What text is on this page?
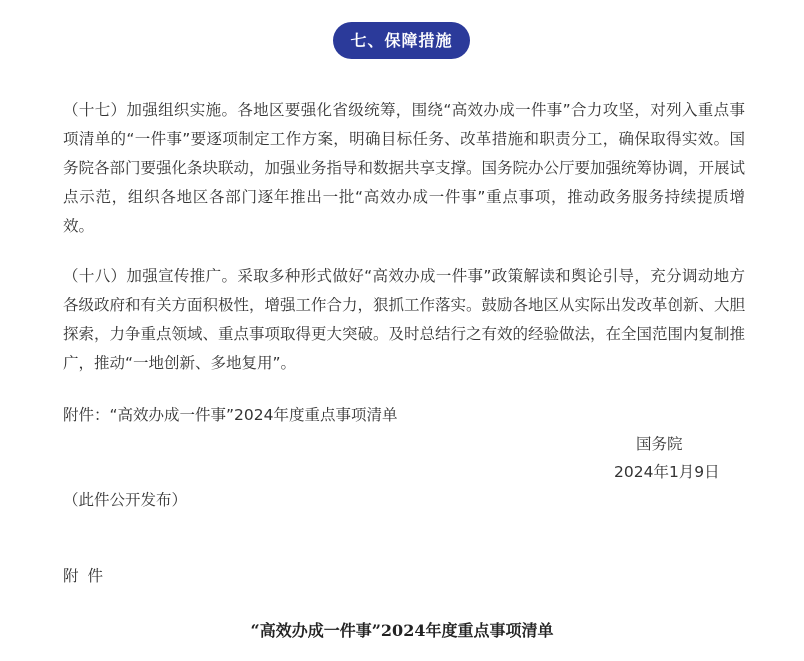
七、保障措施

（十七）加强组织实施。各地区要强化省级统筹，围绕“高效办成一件事”合力攻坚，对列入重点事项清单的“一件事”要逐项制定工作方案，明确目标任务、改革措施和职责分工，确保取得实效。国务院各部门要强化条块联动，加强业务指导和数据共享支撑。国务院办公厅要加强统筹协调，开展试点示范，组织各地区各部门逐年推出一批“高效办成一件事”重点事项，推动政务服务持续提质增效。

（十八）加强宣传推广。采取多种形式做好“高效办成一件事”政策解读和舆论引导，充分调动地方各级政府和有关方面积极性，增强工作合力，狠抓工作落实。鼓励各地区从实际出发改革创新、大胆探索，力争重点领域、重点事项取得更大突破。及时总结行之有效的经验做法，在全国范围内复制推广，推动“一地创新、多地复用”。

附件：“高效办成一件事”2024年度重点事项清单

国务院

2024年1月9日

（此件公开发布）

附件

“高效办成一件事”2024年度重点事项清单
